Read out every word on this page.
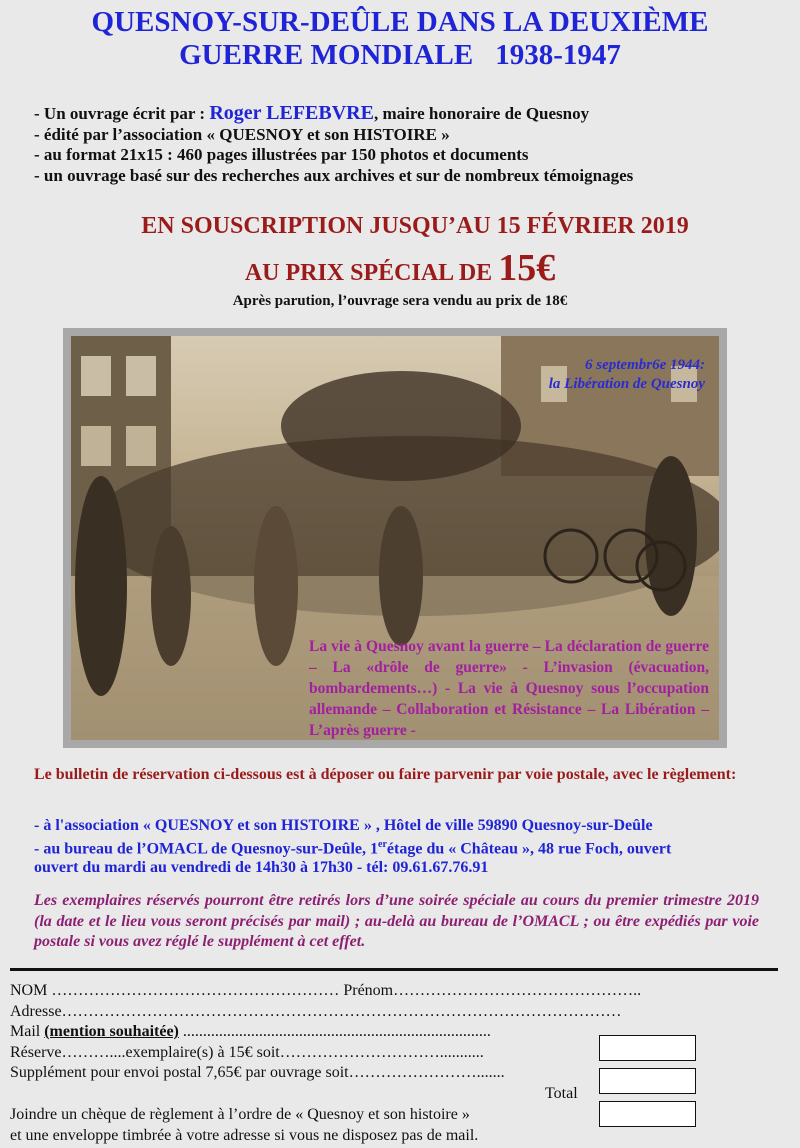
QUESNOY-SUR-DEÛLE DANS LA DEUXIÈME
GUERRE MONDIALE 1938-1947
- Un ouvrage écrit par : Roger LEFEBVRE, maire honoraire de Quesnoy
- édité par l’association « QUESNOY et son HISTOIRE »
- au format 21x15 : 460 pages illustrées par 150 photos et documents
- un ouvrage basé sur des recherches aux archives et sur de nombreux témoignages
EN SOUSCRIPTION JUSQU’AU 15 FÉVRIER 2019
AU PRIX SPÉCIAL DE 15€
Après parution, l’ouvrage sera vendu au prix de 18€
6 septembr6e 1944:
la Libération de Quesnoy
La vie à Quesnoy avant la guerre – La déclaration de guerre – La «drôle de guerre» - L’invasion (évacuation, bombardements…) - La vie à Quesnoy sous l’occupation allemande – Collaboration et Résistance – La Libération – L’après guerre -
Le bulletin de réservation ci-dessous est à déposer ou faire parvenir par voie postale, avec le règlement:
- à l'association « QUESNOY et son HISTOIRE » , Hôtel de ville 59890 Quesnoy-sur-Deûle
- au bureau de l’OMACL de Quesnoy-sur-Deûle, 1erétage du « Château », 48 rue Foch, ouvert
ouvert du mardi au vendredi de 14h30 à 17h30 - tél: 09.61.67.76.91
Les exemplaires réservés pourront être retirés lors d’une soirée spéciale au cours du premier trimestre 2019 (la date et le lieu vous seront précisés par mail) ; au-delà au bureau de l’OMACL ; ou être expédiés par voie postale si vous avez réglé le supplément à cet effet.
NOM ……………………………………………… Prénom………………………………………..
Adresse……………………………………………………………………………………………
Mail (mention souhaitée) .............................................................................
Réserve………....exemplaire(s) à 15€ soit…………………………...........
Supplément pour envoi postal 7,65€ par ouvrage soit…………………….......
Total
Joindre un chèque de règlement à l’ordre de « Quesnoy et son histoire »
et une enveloppe timbrée à votre adresse si vous ne disposez pas de mail.
